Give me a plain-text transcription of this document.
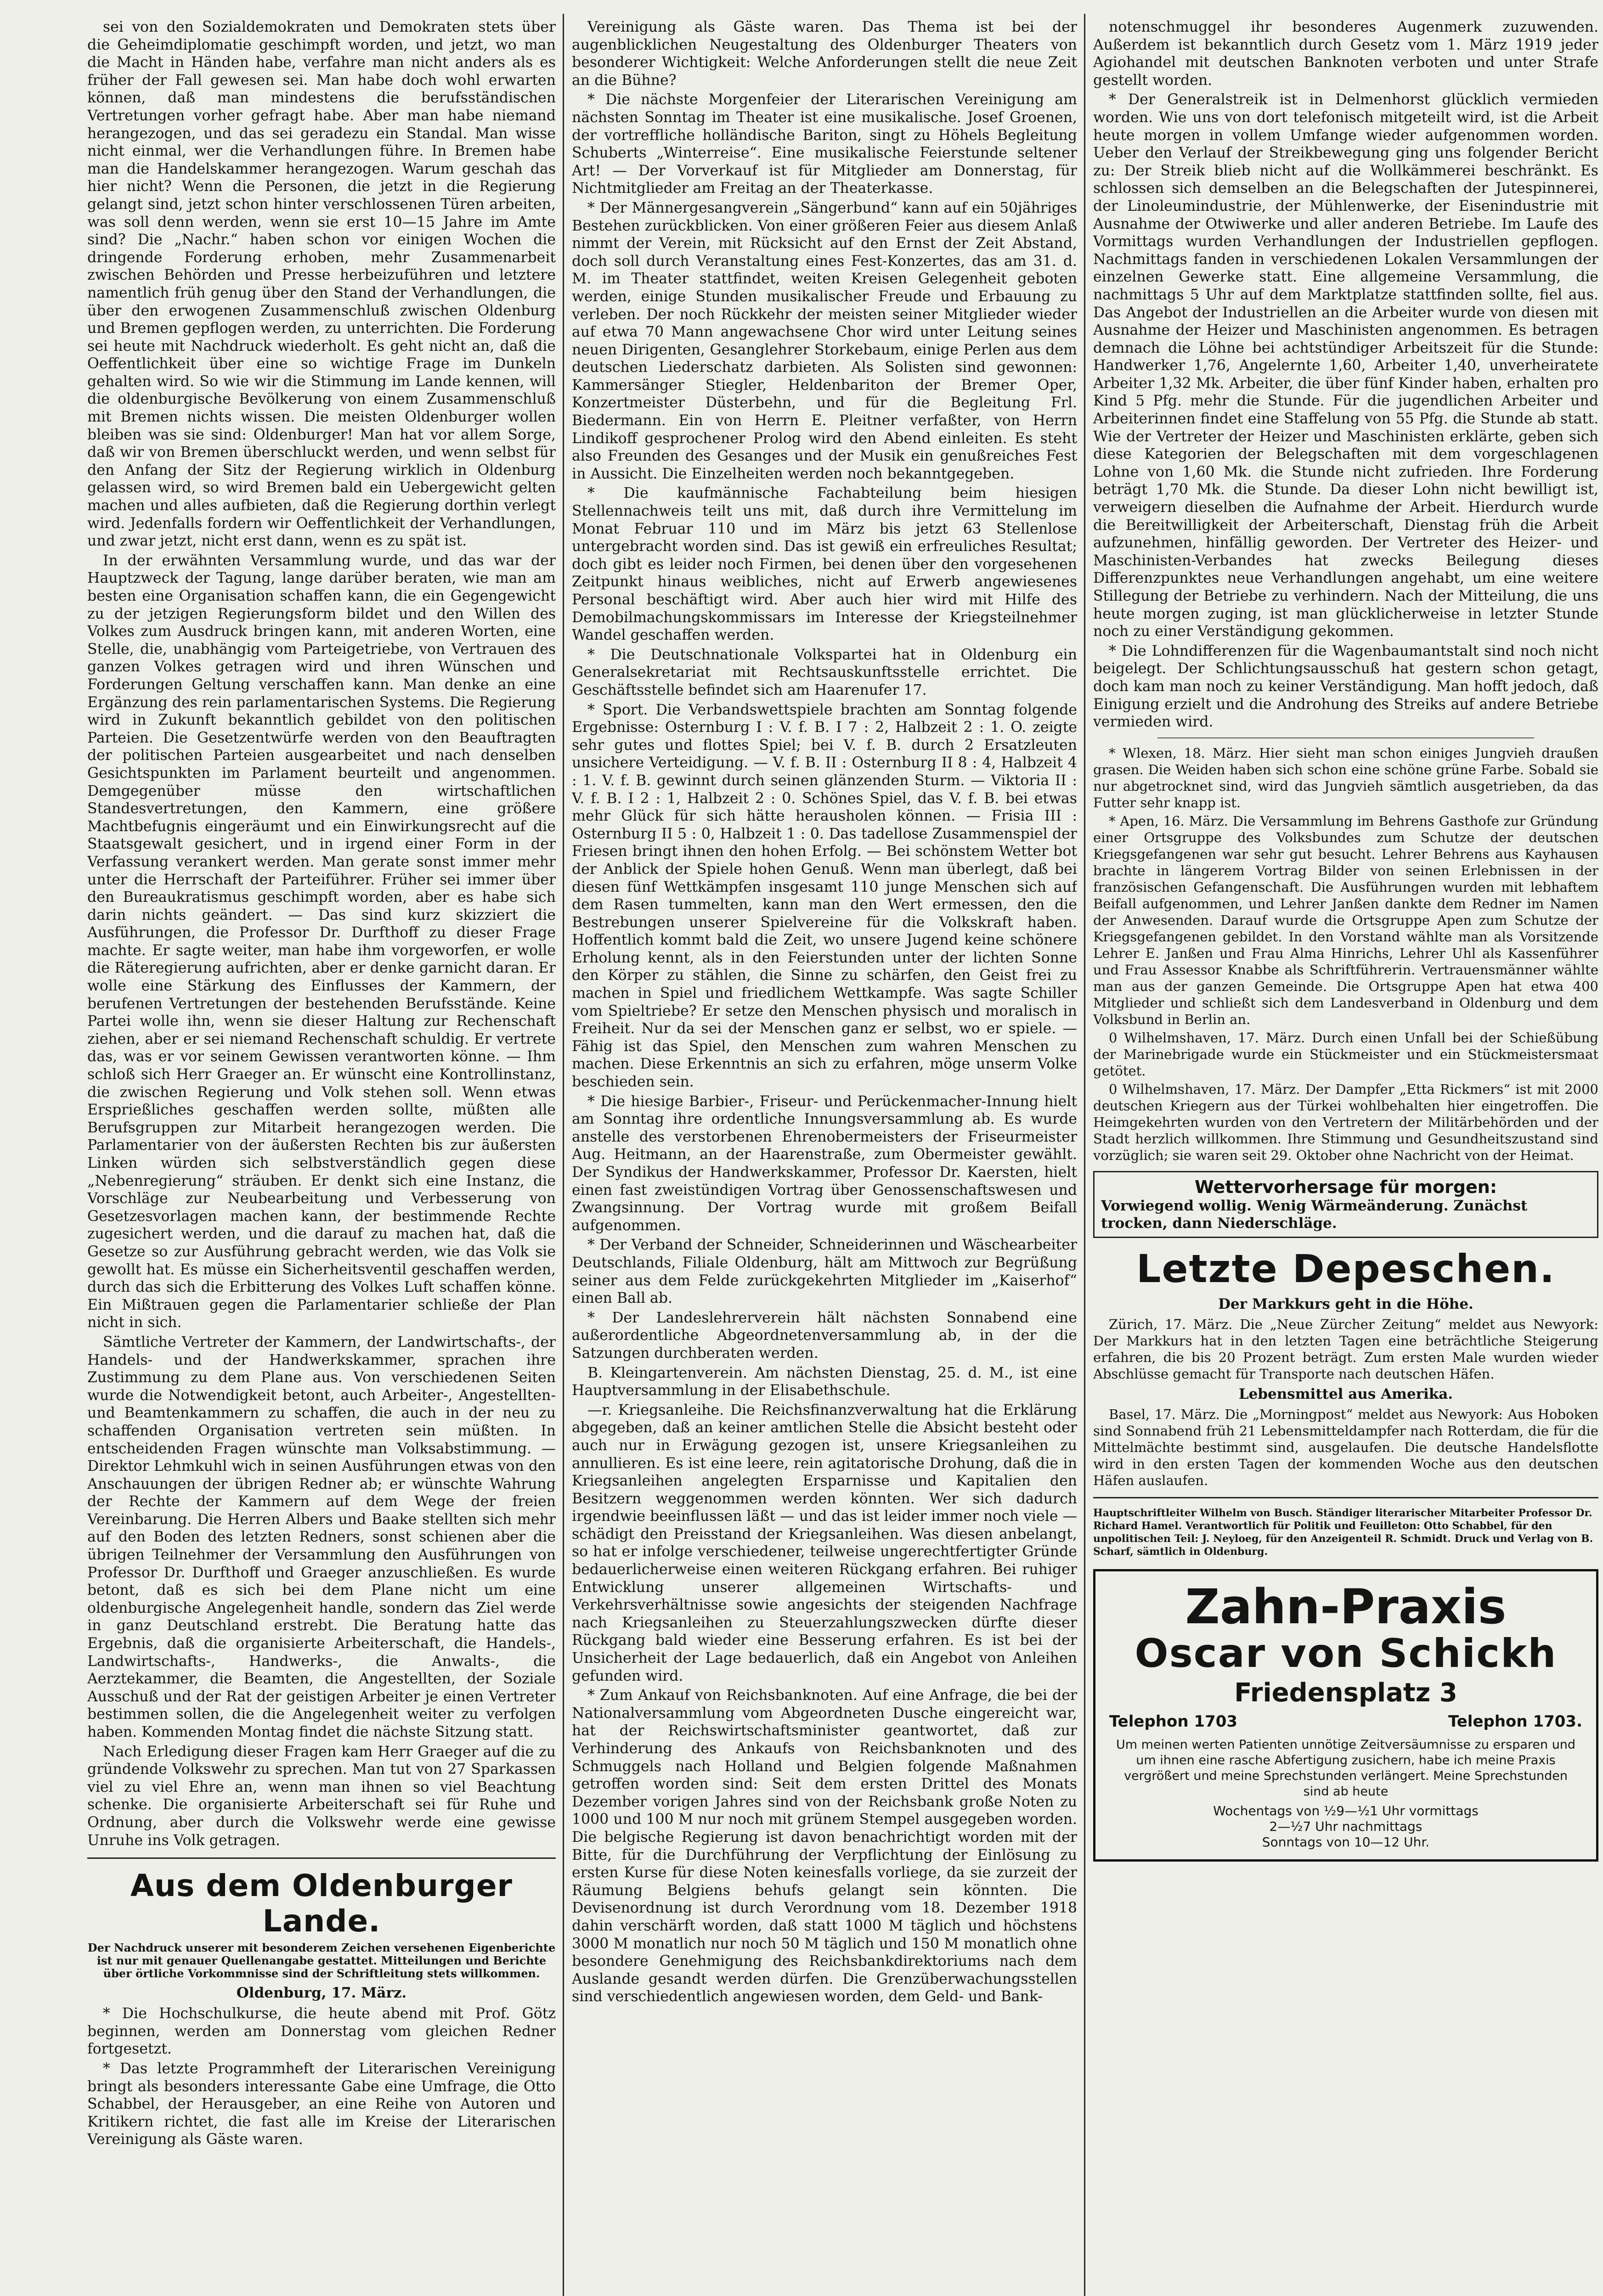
sei von den Sozialdemokraten und Demokraten stets über die Geheimdiplomatie geschimpft worden, und jetzt, wo man die Macht in Händen habe, verfahre man nicht anders als es früher der Fall gewesen sei. Man habe doch wohl erwarten können, daß man mindestens die berufsständischen Vertretungen vorher gefragt habe. Aber man habe niemand herangezogen, und das sei geradezu ein Standal. Man wisse nicht einmal, wer die Verhandlungen führe. In Bremen habe man die Handelskammer herangezogen. Warum geschah das hier nicht? Wenn die Personen, die jetzt in die Regierung gelangt sind, jetzt schon hinter verschlossenen Türen arbeiten, was soll denn werden, wenn sie erst 10—15 Jahre im Amte sind? Die „Nachr.“ haben schon vor einigen Wochen die dringende Forderung erhoben, mehr Zusammenarbeit zwischen Behörden und Presse herbeizuführen und letztere namentlich früh genug über den Stand der Verhandlungen, die über den erwogenen Zusammenschluß zwischen Oldenburg und Bremen gepflogen werden, zu unterrichten. Die Forderung sei heute mit Nachdruck wiederholt. Es geht nicht an, daß die Oeffentlichkeit über eine so wichtige Frage im Dunkeln gehalten wird. So wie wir die Stimmung im Lande kennen, will die oldenburgische Bevölkerung von einem Zusammenschluß mit Bremen nichts wissen. Die meisten Oldenburger wollen bleiben was sie sind: Oldenburger! Man hat vor allem Sorge, daß wir von Bremen überschluckt werden, und wenn selbst für den Anfang der Sitz der Regierung wirklich in Oldenburg gelassen wird, so wird Bremen bald ein Uebergewicht gelten machen und alles aufbieten, daß die Regierung dorthin verlegt wird. Jedenfalls fordern wir Oeffentlichkeit der Verhandlungen, und zwar jetzt, nicht erst dann, wenn es zu spät ist.

In der erwähnten Versammlung wurde, und das war der Hauptzweck der Tagung, lange darüber beraten, wie man am besten eine Organisation schaffen kann, die ein Gegengewicht zu der jetzigen Regierungsform bildet und den Willen des Volkes zum Ausdruck bringen kann, mit anderen Worten, eine Stelle, die, unabhängig vom Parteigetriebe, von Vertrauen des ganzen Volkes getragen wird und ihren Wünschen und Forderungen Geltung verschaffen kann. Man denke an eine Ergänzung des rein parlamentarischen Systems. Die Regierung wird in Zukunft bekanntlich gebildet von den politischen Parteien. Die Gesetzentwürfe werden von den Beauftragten der politischen Parteien ausgearbeitet und nach denselben Gesichtspunkten im Parlament beurteilt und angenommen. Demgegenüber müsse den wirtschaftlichen Standesvertretungen, den Kammern, eine größere Machtbefugnis eingeräumt und ein Einwirkungsrecht auf die Staatsgewalt gesichert, und in irgend einer Form in der Verfassung verankert werden. Man gerate sonst immer mehr unter die Herrschaft der Parteiführer. Früher sei immer über den Bureaukratismus geschimpft worden, aber es habe sich darin nichts geändert. — Das sind kurz skizziert die Ausführungen, die Professor Dr. Durfthoff zu dieser Frage machte. Er sagte weiter, man habe ihm vorgeworfen, er wolle die Räteregierung aufrichten, aber er denke garnicht daran. Er wolle eine Stärkung des Einflusses der Kammern, der berufenen Vertretungen der bestehenden Berufsstände. Keine Partei wolle ihn, wenn sie dieser Haltung zur Rechenschaft ziehen, aber er sei niemand Rechenschaft schuldig. Er vertrete das, was er vor seinem Gewissen verantworten könne. — Ihm schloß sich Herr Graeger an. Er wünscht eine Kontrollinstanz, die zwischen Regierung und Volk stehen soll. Wenn etwas Ersprießliches geschaffen werden sollte, müßten alle Berufsgruppen zur Mitarbeit herangezogen werden. Die Parlamentarier von der äußersten Rechten bis zur äußersten Linken würden sich selbstverständlich gegen diese „Nebenregierung“ sträuben. Er denkt sich eine Instanz, die Vorschläge zur Neubearbeitung und Verbesserung von Gesetzesvorlagen machen kann, der bestimmende Rechte zugesichert werden, und die darauf zu machen hat, daß die Gesetze so zur Ausführung gebracht werden, wie das Volk sie gewollt hat. Es müsse ein Sicherheitsventil geschaffen werden, durch das sich die Erbitterung des Volkes Luft schaffen könne. Ein Mißtrauen gegen die Parlamentarier schließe der Plan nicht in sich.

Sämtliche Vertreter der Kammern, der Landwirtschafts-, der Handels- und der Handwerkskammer, sprachen ihre Zustimmung zu dem Plane aus. Von verschiedenen Seiten wurde die Notwendigkeit betont, auch Arbeiter-, Angestellten- und Beamtenkammern zu schaffen, die auch in der neu zu schaffenden Organisation vertreten sein müßten. In entscheidenden Fragen wünschte man Volksabstimmung. — Direktor Lehmkuhl wich in seinen Ausführungen etwas von den Anschauungen der übrigen Redner ab; er wünschte Wahrung der Rechte der Kammern auf dem Wege der freien Vereinbarung. Die Herren Albers und Baake stellten sich mehr auf den Boden des letzten Redners, sonst schienen aber die übrigen Teilnehmer der Versammlung den Ausführungen von Professor Dr. Durfthoff und Graeger anzuschließen. Es wurde betont, daß es sich bei dem Plane nicht um eine oldenburgische Angelegenheit handle, sondern das Ziel werde in ganz Deutschland erstrebt. Die Beratung hatte das Ergebnis, daß die organisierte Arbeiterschaft, die Handels-, Landwirtschafts-, Handwerks-, die Anwalts-, die Aerztekammer, die Beamten, die Angestellten, der Soziale Ausschuß und der Rat der geistigen Arbeiter je einen Vertreter bestimmen sollen, die die Angelegenheit weiter zu verfolgen haben. Kommenden Montag findet die nächste Sitzung statt.

Nach Erledigung dieser Fragen kam Herr Graeger auf die zu gründende Volkswehr zu sprechen. Man tut von 27 Sparkassen viel zu viel Ehre an, wenn man ihnen so viel Beachtung schenke. Die organisierte Arbeiterschaft sei für Ruhe und Ordnung, aber durch die Volkswehr werde eine gewisse Unruhe ins Volk getragen.

Aus dem Oldenburger Lande.
Der Nachdruck unserer mit besonderem Zeichen versehenen Eigenberichte ist nur mit genauer Quellenangabe gestattet. Mitteilungen und Berichte über örtliche Vorkommnisse sind der Schriftleitung stets willkommen.
Oldenburg, 17. März.

* Die Hochschulkurse, die heute abend mit Prof. Götz beginnen, werden am Donnerstag vom gleichen Redner fortgesetzt.

* Das letzte Programmheft der Literarischen Vereinigung bringt als besonders interessante Gabe eine Umfrage, die Otto Schabbel, der Herausgeber, an eine Reihe von Autoren und Kritikern richtet, die fast alle im Kreise der Literarischen Vereinigung als Gäste waren.

Vereinigung als Gäste waren. Das Thema ist bei der augenblicklichen Neugestaltung des Oldenburger Theaters von besonderer Wichtigkeit: Welche Anforderungen stellt die neue Zeit an die Bühne?

* Die nächste Morgenfeier der Literarischen Vereinigung am nächsten Sonntag im Theater ist eine musikalische. Josef Groenen, der vortreffliche holländische Bariton, singt zu Höhels Begleitung Schuberts „Winterreise“. Eine musikalische Feierstunde seltener Art! — Der Vorverkauf ist für Mitglieder am Donnerstag, für Nichtmitglieder am Freitag an der Theaterkasse.

* Der Männergesangverein „Sängerbund“ kann auf ein 50jähriges Bestehen zurückblicken. Von einer größeren Feier aus diesem Anlaß nimmt der Verein, mit Rücksicht auf den Ernst der Zeit Abstand, doch soll durch Veranstaltung eines Fest-Konzertes, das am 31. d. M. im Theater stattfindet, weiten Kreisen Gelegenheit geboten werden, einige Stunden musikalischer Freude und Erbauung zu verleben. Der noch Rückkehr der meisten seiner Mitglieder wieder auf etwa 70 Mann angewachsene Chor wird unter Leitung seines neuen Dirigenten, Gesanglehrer Storkebaum, einige Perlen aus dem deutschen Liederschatz darbieten. Als Solisten sind gewonnen: Kammersänger Stiegler, Heldenbariton der Bremer Oper, Konzertmeister Düsterbehn, und für die Begleitung Frl. Biedermann. Ein von Herrn E. Pleitner verfaßter, von Herrn Lindikoff gesprochener Prolog wird den Abend einleiten. Es steht also Freunden des Gesanges und der Musik ein genußreiches Fest in Aussicht. Die Einzelheiten werden noch bekanntgegeben.

* Die kaufmännische Fachabteilung beim hiesigen Stellennachweis teilt uns mit, daß durch ihre Vermittelung im Monat Februar 110 und im März bis jetzt 63 Stellenlose untergebracht worden sind. Das ist gewiß ein erfreuliches Resultat; doch gibt es leider noch Firmen, bei denen über den vorgesehenen Zeitpunkt hinaus weibliches, nicht auf Erwerb angewiesenes Personal beschäftigt wird. Aber auch hier wird mit Hilfe des Demobilmachungskommissars im Interesse der Kriegsteilnehmer Wandel geschaffen werden.

* Die Deutschnationale Volkspartei hat in Oldenburg ein Generalsekretariat mit Rechtsauskunftsstelle errichtet. Die Geschäftsstelle befindet sich am Haarenufer 17.

* Sport. Die Verbandswettspiele brachten am Sonntag folgende Ergebnisse: Osternburg I : V. f. B. I 7 : 2, Halbzeit 2 : 1. O. zeigte sehr gutes und flottes Spiel; bei V. f. B. durch 2 Ersatzleuten unsichere Verteidigung. — V. f. B. II : Osternburg II 8 : 4, Halbzeit 4 : 1. V. f. B. gewinnt durch seinen glänzenden Sturm. — Viktoria II : V. f. B. I 2 : 1, Halbzeit 2 : 0. Schönes Spiel, das V. f. B. bei etwas mehr Glück für sich hätte herausholen können. — Frisia III : Osternburg II 5 : 0, Halbzeit 1 : 0. Das tadellose Zusammenspiel der Friesen bringt ihnen den hohen Erfolg. — Bei schönstem Wetter bot der Anblick der Spiele hohen Genuß. Wenn man überlegt, daß bei diesen fünf Wettkämpfen insgesamt 110 junge Menschen sich auf dem Rasen tummelten, kann man den Wert ermessen, den die Bestrebungen unserer Spielvereine für die Volkskraft haben. Hoffentlich kommt bald die Zeit, wo unsere Jugend keine schönere Erholung kennt, als in den Feierstunden unter der lichten Sonne den Körper zu stählen, die Sinne zu schärfen, den Geist frei zu machen in Spiel und friedlichem Wettkampfe. Was sagte Schiller vom Spieltriebe? Er setze den Menschen physisch und moralisch in Freiheit. Nur da sei der Menschen ganz er selbst, wo er spiele. — Fähig ist das Spiel, den Menschen zum wahren Menschen zu machen. Diese Erkenntnis an sich zu erfahren, möge unserm Volke beschieden sein.

* Die hiesige Barbier-, Friseur- und Perückenmacher-Innung hielt am Sonntag ihre ordentliche Innungsversammlung ab. Es wurde anstelle des verstorbenen Ehrenobermeisters der Friseurmeister Aug. Heitmann, an der Haarenstraße, zum Obermeister gewählt. Der Syndikus der Handwerkskammer, Professor Dr. Kaersten, hielt einen fast zweistündigen Vortrag über Genossenschaftswesen und Zwangsinnung. Der Vortrag wurde mit großem Beifall aufgenommen.

* Der Verband der Schneider, Schneiderinnen und Wäschearbeiter Deutschlands, Filiale Oldenburg, hält am Mittwoch zur Begrüßung seiner aus dem Felde zurückgekehrten Mitglieder im „Kaiserhof“ einen Ball ab.

* Der Landeslehrerverein hält nächsten Sonnabend eine außerordentliche Abgeordnetenversammlung ab, in der die Satzungen durchberaten werden.

B. Kleingartenverein. Am nächsten Dienstag, 25. d. M., ist eine Hauptversammlung in der Elisabethschule.

—r. Kriegsanleihe. Die Reichsfinanzverwaltung hat die Erklärung abgegeben, daß an keiner amtlichen Stelle die Absicht besteht oder auch nur in Erwägung gezogen ist, unsere Kriegsanleihen zu annullieren. Es ist eine leere, rein agitatorische Drohung, daß die in Kriegsanleihen angelegten Ersparnisse und Kapitalien den Besitzern weggenommen werden könnten. Wer sich dadurch irgendwie beeinflussen läßt — und das ist leider immer noch viele — schädigt den Preisstand der Kriegsanleihen. Was diesen anbelangt, so hat er infolge verschiedener, teilweise ungerechtfertigter Gründe bedauerlicherweise einen weiteren Rückgang erfahren. Bei ruhiger Entwicklung unserer allgemeinen Wirtschafts- und Verkehrsverhältnisse sowie angesichts der steigenden Nachfrage nach Kriegsanleihen zu Steuerzahlungszwecken dürfte dieser Rückgang bald wieder eine Besserung erfahren. Es ist bei der Unsicherheit der Lage bedauerlich, daß ein Angebot von Anleihen gefunden wird.

* Zum Ankauf von Reichsbanknoten. Auf eine Anfrage, die bei der Nationalversammlung vom Abgeordneten Dusche eingereicht war, hat der Reichswirtschaftsminister geantwortet, daß zur Verhinderung des Ankaufs von Reichsbanknoten und des Schmuggels nach Holland und Belgien folgende Maßnahmen getroffen worden sind: Seit dem ersten Drittel des Monats Dezember vorigen Jahres sind von der Reichsbank große Noten zu 1000 und 100 M nur noch mit grünem Stempel ausgegeben worden. Die belgische Regierung ist davon benachrichtigt worden mit der Bitte, für die Durchführung der Verpflichtung der Einlösung zu ersten Kurse für diese Noten keinesfalls vorliege, da sie zurzeit der Räumung Belgiens behufs gelangt sein könnten. Die Devisenordnung ist durch Verordnung vom 18. Dezember 1918 dahin verschärft worden, daß statt 1000 M täglich und höchstens 3000 M monatlich nur noch 50 M täglich und 150 M monatlich ohne besondere Genehmigung des Reichsbankdirektoriums nach dem Auslande gesandt werden dürfen. Die Grenzüberwachungsstellen sind verschiedentlich angewiesen worden, dem Geld- und Bank-

notenschmuggel ihr besonderes Augenmerk zuzuwenden. Außerdem ist bekanntlich durch Gesetz vom 1. März 1919 jeder Agiohandel mit deutschen Banknoten verboten und unter Strafe gestellt worden.

* Der Generalstreik ist in Delmenhorst glücklich vermieden worden. Wie uns von dort telefonisch mitgeteilt wird, ist die Arbeit heute morgen in vollem Umfange wieder aufgenommen worden. Ueber den Verlauf der Streikbewegung ging uns folgender Bericht zu: Der Streik blieb nicht auf die Wollkämmerei beschränkt. Es schlossen sich demselben an die Belegschaften der Jutespinnerei, der Linoleumindustrie, der Mühlenwerke, der Eisenindustrie mit Ausnahme der Otwiwerke und aller anderen Betriebe. Im Laufe des Vormittags wurden Verhandlungen der Industriellen gepflogen. Nachmittags fanden in verschiedenen Lokalen Versammlungen der einzelnen Gewerke statt. Eine allgemeine Versammlung, die nachmittags 5 Uhr auf dem Marktplatze stattfinden sollte, fiel aus. Das Angebot der Industriellen an die Arbeiter wurde von diesen mit Ausnahme der Heizer und Maschinisten angenommen. Es betragen demnach die Löhne bei achtstündiger Arbeitszeit für die Stunde: Handwerker 1,76, Angelernte 1,60, Arbeiter 1,40, unverheiratete Arbeiter 1,32 Mk. Arbeiter, die über fünf Kinder haben, erhalten pro Kind 5 Pfg. mehr die Stunde. Für die jugendlichen Arbeiter und Arbeiterinnen findet eine Staffelung von 55 Pfg. die Stunde ab statt. Wie der Vertreter der Heizer und Maschinisten erklärte, geben sich diese Kategorien der Belegschaften mit dem vorgeschlagenen Lohne von 1,60 Mk. die Stunde nicht zufrieden. Ihre Forderung beträgt 1,70 Mk. die Stunde. Da dieser Lohn nicht bewilligt ist, verweigern dieselben die Aufnahme der Arbeit. Hierdurch wurde die Bereitwilligkeit der Arbeiterschaft, Dienstag früh die Arbeit aufzunehmen, hinfällig geworden. Der Vertreter des Heizer- und Maschinisten-Verbandes hat zwecks Beilegung dieses Differenzpunktes neue Verhandlungen angehabt, um eine weitere Stillegung der Betriebe zu verhindern. Nach der Mitteilung, die uns heute morgen zuging, ist man glücklicherweise in letzter Stunde noch zu einer Verständigung gekommen.

* Die Lohndifferenzen für die Wagenbaumantstalt sind noch nicht beigelegt. Der Schlichtungsausschuß hat gestern schon getagt, doch kam man noch zu keiner Verständigung. Man hofft jedoch, daß Einigung erzielt und die Androhung des Streiks auf andere Betriebe vermieden wird.

* Wlexen, 18. März. Hier sieht man schon einiges Jungvieh draußen grasen. Die Weiden haben sich schon eine schöne grüne Farbe. Sobald sie nur abgetrocknet sind, wird das Jungvieh sämtlich ausgetrieben, da das Futter sehr knapp ist.

* Apen, 16. März. Die Versammlung im Behrens Gasthofe zur Gründung einer Ortsgruppe des Volksbundes zum Schutze der deutschen Kriegsgefangenen war sehr gut besucht. Lehrer Behrens aus Kayhausen brachte in längerem Vortrag Bilder von seinen Erlebnissen in der französischen Gefangenschaft. Die Ausführungen wurden mit lebhaftem Beifall aufgenommen, und Lehrer Janßen dankte dem Redner im Namen der Anwesenden. Darauf wurde die Ortsgruppe Apen zum Schutze der Kriegsgefangenen gebildet. In den Vorstand wählte man als Vorsitzende Lehrer E. Janßen und Frau Alma Hinrichs, Lehrer Uhl als Kassenführer und Frau Assessor Knabbe als Schriftführerin. Vertrauensmänner wählte man aus der ganzen Gemeinde. Die Ortsgruppe Apen hat etwa 400 Mitglieder und schließt sich dem Landesverband in Oldenburg und dem Volksbund in Berlin an.

0 Wilhelmshaven, 17. März. Durch einen Unfall bei der Schießübung der Marinebrigade wurde ein Stückmeister und ein Stückmeistersmaat getötet.

0 Wilhelmshaven, 17. März. Der Dampfer „Etta Rickmers“ ist mit 2000 deutschen Kriegern aus der Türkei wohlbehalten hier eingetroffen. Die Heimgekehrten wurden von den Vertretern der Militärbehörden und der Stadt herzlich willkommen. Ihre Stimmung und Gesundheitszustand sind vorzüglich; sie waren seit 29. Oktober ohne Nachricht von der Heimat.

Wettervorhersage für morgen:
Vorwiegend wollig. Wenig Wärmeänderung. Zunächst trocken, dann Niederschläge.
Letzte Depeschen.
Der Markkurs geht in die Höhe.

Zürich, 17. März. Die „Neue Zürcher Zeitung“ meldet aus Newyork: Der Markkurs hat in den letzten Tagen eine beträchtliche Steigerung erfahren, die bis 20 Prozent beträgt. Zum ersten Male wurden wieder Abschlüsse gemacht für Transporte nach deutschen Häfen.

Lebensmittel aus Amerika.

Basel, 17. März. Die „Morningpost“ meldet aus Newyork: Aus Hoboken sind Sonnabend früh 21 Lebensmitteldampfer nach Rotterdam, die für die Mittelmächte bestimmt sind, ausgelaufen. Die deutsche Handelsflotte wird in den ersten Tagen der kommenden Woche aus den deutschen Häfen auslaufen.

Hauptschriftleiter Wilhelm von Busch. Ständiger literarischer Mitarbeiter Professor Dr. Richard Hamel. Verantwortlich für Politik und Feuilleton: Otto Schabbel, für den unpolitischen Teil: J. Neyloeg, für den Anzeigenteil R. Schmidt. Druck und Verlag von B. Scharf, sämtlich in Oldenburg.
Zahn-Praxis
Oscar von Schickh
Friedensplatz 3
Telephon 1703	Telephon 1703.
Um meinen werten Patienten unnötige Zeitversäumnisse zu ersparen und um ihnen eine rasche Abfertigung zusichern, habe ich meine Praxis vergrößert und meine Sprechstunden verlängert. Meine Sprechstunden sind ab heute
Wochentags von ½9—½1 Uhr vormittags
2—½7 Uhr nachmittags
Sonntags von 10—12 Uhr.
